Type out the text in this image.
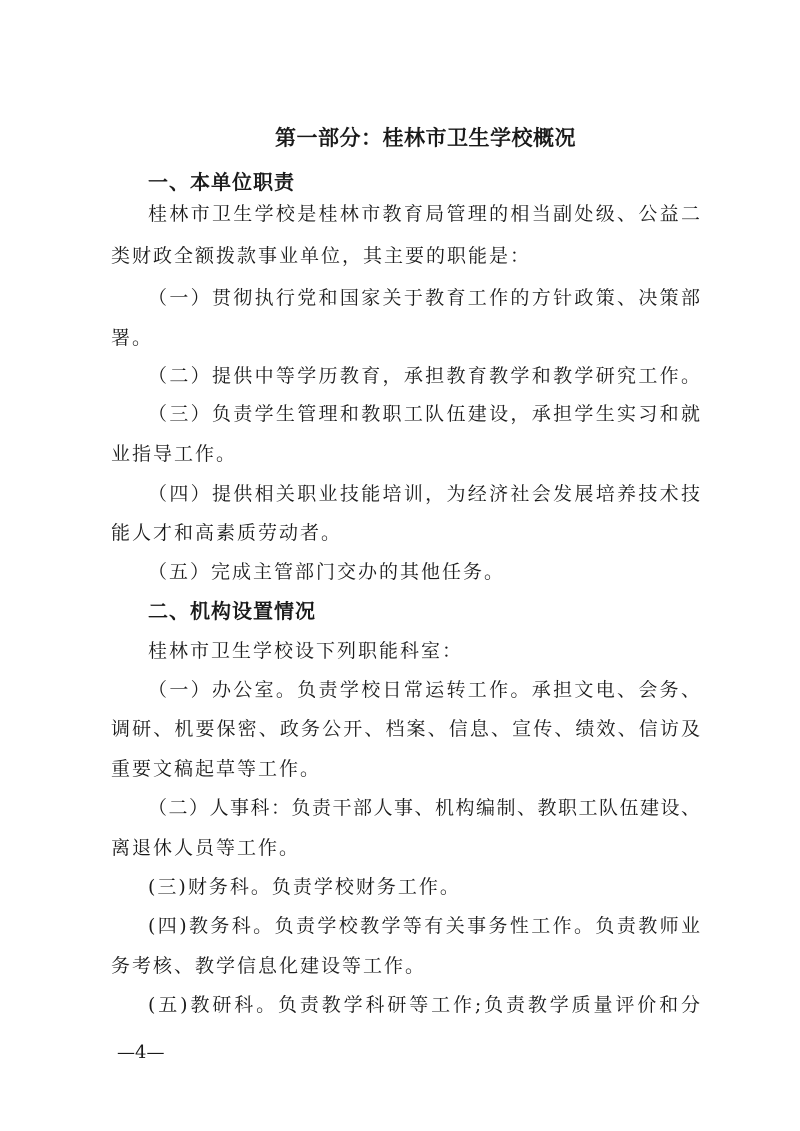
第一部分：桂林市卫生学校概况
一、本单位职责
桂林市卫生学校是桂林市教育局管理的相当副处级、公益二
类财政全额拨款事业单位，其主要的职能是：
（一）贯彻执行党和国家关于教育工作的方针政策、决策部
署。
（二）提供中等学历教育，承担教育教学和教学研究工作。
（三）负责学生管理和教职工队伍建设，承担学生实习和就
业指导工作。
（四）提供相关职业技能培训，为经济社会发展培养技术技
能人才和高素质劳动者。
（五）完成主管部门交办的其他任务。
二、机构设置情况
桂林市卫生学校设下列职能科室：
（一）办公室。负责学校日常运转工作。承担文电、会务、
调研、机要保密、政务公开、档案、信息、宣传、绩效、信访及
重要文稿起草等工作。
（二）人事科：负责干部人事、机构编制、教职工队伍建设、
离退休人员等工作。
(三)财务科。负责学校财务工作。
(四)教务科。负责学校教学等有关事务性工作。负责教师业
务考核、教学信息化建设等工作。
(五)教研科。负责教学科研等工作;负责教学质量评价和分
—4—
